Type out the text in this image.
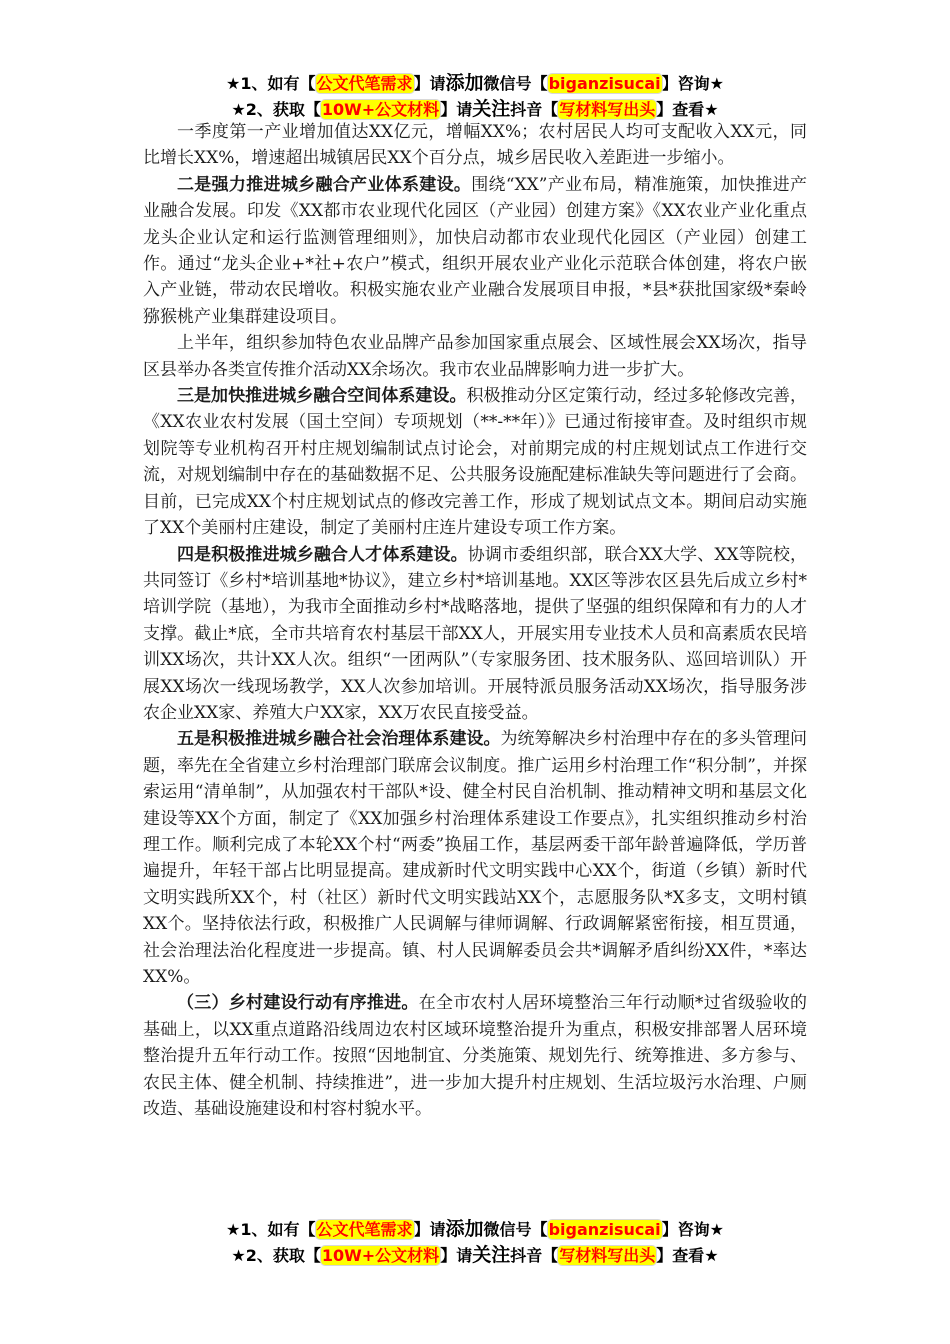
★1、如有【公文代笔需求】请添加微信号【biganzisucai】咨询★
★2、获取【10W+公文材料】请关注抖音【写材料写出头】查看★

一季度第一产业增加值达XX亿元，增幅XX%；农村居民人均可支配收入XX元，同比增长XX%，增速超出城镇居民XX个百分点，城乡居民收入差距进一步缩小。

二是强力推进城乡融合产业体系建设。围绕“XX”产业布局，精准施策，加快推进产业融合发展。印发《XX都市农业现代化园区（产业园）创建方案》《XX农业产业化重点龙头企业认定和运行监测管理细则》，加快启动都市农业现代化园区（产业园）创建工作。通过“龙头企业+*社+农户”模式，组织开展农业产业化示范联合体创建，将农户嵌入产业链，带动农民增收。积极实施农业产业融合发展项目申报，*县*获批国家级*秦岭猕猴桃产业集群建设项目。

上半年，组织参加特色农业品牌产品参加国家重点展会、区域性展会XX场次，指导区县举办各类宣传推介活动XX余场次。我市农业品牌影响力进一步扩大。

三是加快推进城乡融合空间体系建设。积极推动分区定策行动，经过多轮修改完善，《XX农业农村发展（国土空间）专项规划（**-**年）》已通过衔接审查。及时组织市规划院等专业机构召开村庄规划编制试点讨论会，对前期完成的村庄规划试点工作进行交流，对规划编制中存在的基础数据不足、公共服务设施配建标准缺失等问题进行了会商。目前，已完成XX个村庄规划试点的修改完善工作，形成了规划试点文本。期间启动实施了XX个美丽村庄建设，制定了美丽村庄连片建设专项工作方案。

四是积极推进城乡融合人才体系建设。协调市委组织部，联合XX大学、XX等院校，共同签订《乡村*培训基地*协议》，建立乡村*培训基地。XX区等涉农区县先后成立乡村*培训学院（基地），为我市全面推动乡村*战略落地，提供了坚强的组织保障和有力的人才支撑。截止*底，全市共培育农村基层干部XX人，开展实用专业技术人员和高素质农民培训XX场次，共计XX人次。组织“一团两队”（专家服务团、技术服务队、巡回培训队）开展XX场次一线现场教学，XX人次参加培训。开展特派员服务活动XX场次，指导服务涉农企业XX家、养殖大户XX家，XX万农民直接受益。

五是积极推进城乡融合社会治理体系建设。为统筹解决乡村治理中存在的多头管理问题，率先在全省建立乡村治理部门联席会议制度。推广运用乡村治理工作“积分制”，并探索运用“清单制”，从加强农村干部队*设、健全村民自治机制、推动精神文明和基层文化建设等XX个方面，制定了《XX加强乡村治理体系建设工作要点》，扎实组织推动乡村治理工作。顺利完成了本轮XX个村“两委”换届工作，基层两委干部年龄普遍降低，学历普遍提升，年轻干部占比明显提高。建成新时代文明实践中心XX个，街道（乡镇）新时代文明实践所XX个，村（社区）新时代文明实践站XX个，志愿服务队*X多支，文明村镇XX个。坚持依法行政，积极推广人民调解与律师调解、行政调解紧密衔接，相互贯通，社会治理法治化程度进一步提高。镇、村人民调解委员会共*调解矛盾纠纷XX件，*率达XX%。

（三）乡村建设行动有序推进。在全市农村人居环境整治三年行动顺*过省级验收的基础上，以XX重点道路沿线周边农村区域环境整治提升为重点，积极安排部署人居环境整治提升五年行动工作。按照“因地制宜、分类施策、规划先行、统筹推进、多方参与、农民主体、健全机制、持续推进”，进一步加大提升村庄规划、生活垃圾污水治理、户厕改造、基础设施建设和村容村貌水平。

★1、如有【公文代笔需求】请添加微信号【biganzisucai】咨询★
★2、获取【10W+公文材料】请关注抖音【写材料写出头】查看★
